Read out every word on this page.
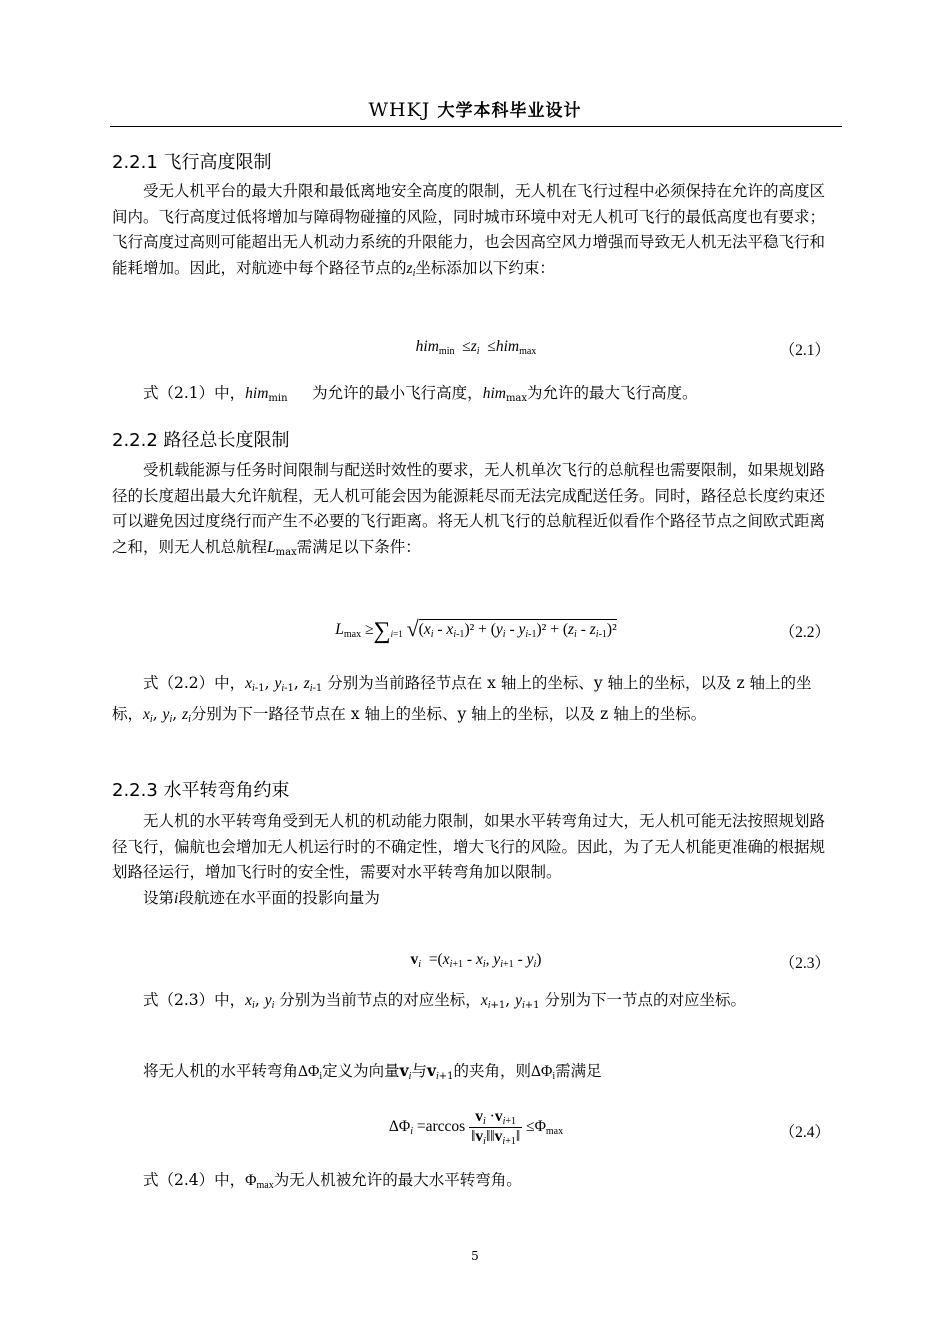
WHKJ 大学本科毕业设计
2.2.1 飞行高度限制

受无人机平台的最大升限和最低离地安全高度的限制，无人机在飞行过程中必须保持在允许的高度区间内。飞行高度过低将增加与障碍物碰撞的风险，同时城市环境中对无人机可飞行的最低高度也有要求；飞行高度过高则可能超出无人机动力系统的升限能力，也会因高空风力增强而导致无人机无法平稳飞行和能耗增加。因此，对航迹中每个路径节点的$z_i$坐标添加以下约束：

$him_{min} \le z_i \le him_{max}$	（2.1）

式（2.1）中，him$_{min}$ 为允许的最小飞行高度，him$_{max}$为允许的最大飞行高度。

2.2.2 路径总长度限制

受机载能源与任务时间限制与配送时效性的要求，无人机单次飞行的总航程也需要限制，如果规划路径的长度超出最大允许航程，无人机可能会因为能源耗尽而无法完成配送任务。同时，路径总长度约束还可以避免因过度绕行而产生不必要的飞行距离。将无人机飞行的总航程近似看作个路径节点之间欧式距离之和，则无人机总航程$L_{max}$需满足以下条件：

$L_{max} \ge\sum_{i=1}$ $√(x_i - x_{i-1})^2 + (y_i - y_{i-1})^2 + (z_i - z_{i-1})^2$	（2.2）

式（2.2）中，$x_{i-1}$, $y_{i-1}$, $z_{i-1}$ 分别为当前路径节点在 x 轴上的坐标、y 轴上的坐标，以及 z 轴上的坐标，$x_i$, $y_i$, $z_i$分别为下一路径节点在 x 轴上的坐标、y 轴上的坐标，以及 z 轴上的坐标。

2.2.3 水平转弯角约束

无人机的水平转弯角受到无人机的机动能力限制，如果水平转弯角过大，无人机可能无法按照规划路径飞行，偏航也会增加无人机运行时的不确定性，增大飞行的风险。因此，为了无人机能更准确的根据规划路径运行，增加飞行时的安全性，需要对水平转弯角加以限制。

设第i段航迹在水平面的投影向量为

$v_i =(x_{i+1} - x_i$, $y_{i+1} - y_i$)	（2.3）

式（2.3）中，$x_i$, $y_i$ 分别为当前节点的对应坐标，$x_{i+1}$, $y_{i+1}$ 分别为下一节点的对应坐标。

将无人机的水平转弯角$\Delta\Phi_i$定义为向量$v_i$与$v_{i+1}$的夹角，则$\Delta\Phi_i$需满足

$\Delta\Phi_i =\arccos \frac{v_i \cdot v_{i+1}}{‖v_i‖‖v_{i+1}‖} \le\Phi_{max}$	（2.4）

式（2.4）中，$\Phi_{max}$为无人机被允许的最大水平转弯角。

5
